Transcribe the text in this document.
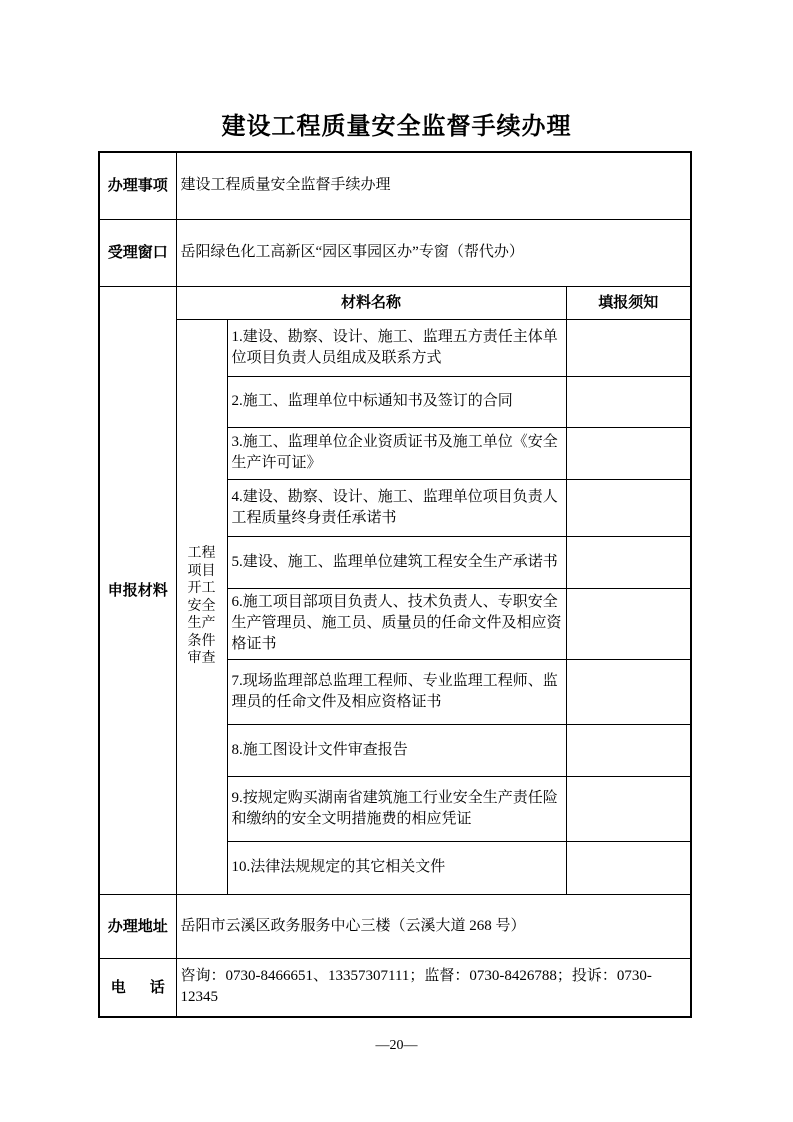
建设工程质量安全监督手续办理
办理事项	建设工程质量安全监督手续办理		
受理窗口	岳阳绿色化工高新区“园区事园区办”专窗（帮代办）		
申报材料	材料名称		填报须知

	工程项目开工安全生产条件审查	1.建设、勘察、设计、施工、监理五方责任主体单位项目负责人员组成及联系方式	
		2.施工、监理单位中标通知书及签订的合同	
		3.施工、监理单位企业资质证书及施工单位《安全生产许可证》	
		4.建设、勘察、设计、施工、监理单位项目负责人工程质量终身责任承诺书	
		5.建设、施工、监理单位建筑工程安全生产承诺书	
		6.施工项目部项目负责人、技术负责人、专职安全生产管理员、施工员、质量员的任命文件及相应资格证书	
		7.现场监理部总监理工程师、专业监理工程师、监理员的任命文件及相应资格证书	
		8.施工图设计文件审查报告	
		9.按规定购买湖南省建筑施工行业安全生产责任险和缴纳的安全文明措施费的相应凭证	
		10.法律法规规定的其它相关文件	
办理地址	岳阳市云溪区政务服务中心三楼（云溪大道 268 号）		

电话	咨询：0730-8466651、13357307111；监督：0730-8426788；投诉：0730-12345		
—20—
